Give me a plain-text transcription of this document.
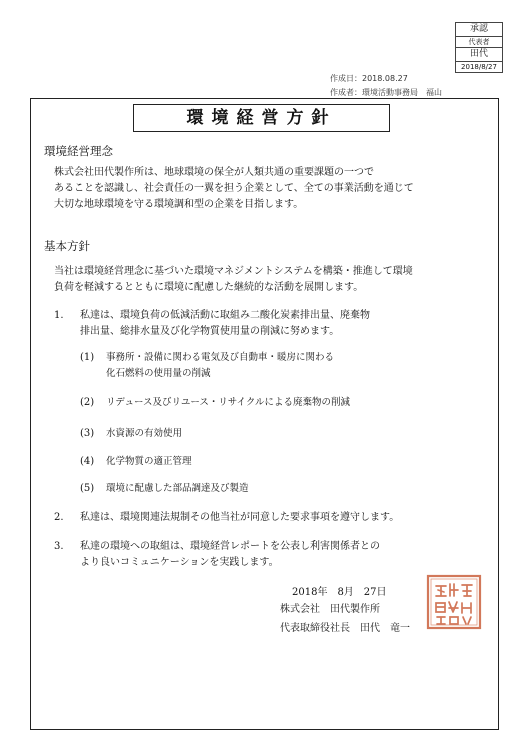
承認
代表者
田代
2018/8/27
作成日：2018.08.27
作成者：環境活動事務局　福山
環境経営方針
環境経営理念
株式会社田代製作所は、地球環境の保全が人類共通の重要課題の一つで
あることを認識し、社会責任の一翼を担う企業として、全ての事業活動を通じて
大切な地球環境を守る環境調和型の企業を目指します。
基本方針
当社は環境経営理念に基づいた環境マネジメントシステムを構築・推進して環境
負荷を軽減するとともに環境に配慮した継続的な活動を展開します。
1. 私達は、環境負荷の低減活動に取組み二酸化炭素排出量、廃棄物
排出量、総排水量及び化学物質使用量の削減に努めます。
(1) 事務所・設備に関わる電気及び自動車・暖房に関わる
化石燃料の使用量の削減
(2) リデュース及びリユース・リサイクルによる廃棄物の削減
(3) 水資源の有効使用
(4) 化学物質の適正管理
(5) 環境に配慮した部品調達及び製造
2. 私達は、環境関連法規制その他当社が同意した要求事項を遵守します。
3. 私達の環境への取組は、環境経営レポートを公表し利害関係者との
より良いコミュニケーションを実践します。
2018年　8月　27日
株式会社　田代製作所
代表取締役社長　田代　竜一
